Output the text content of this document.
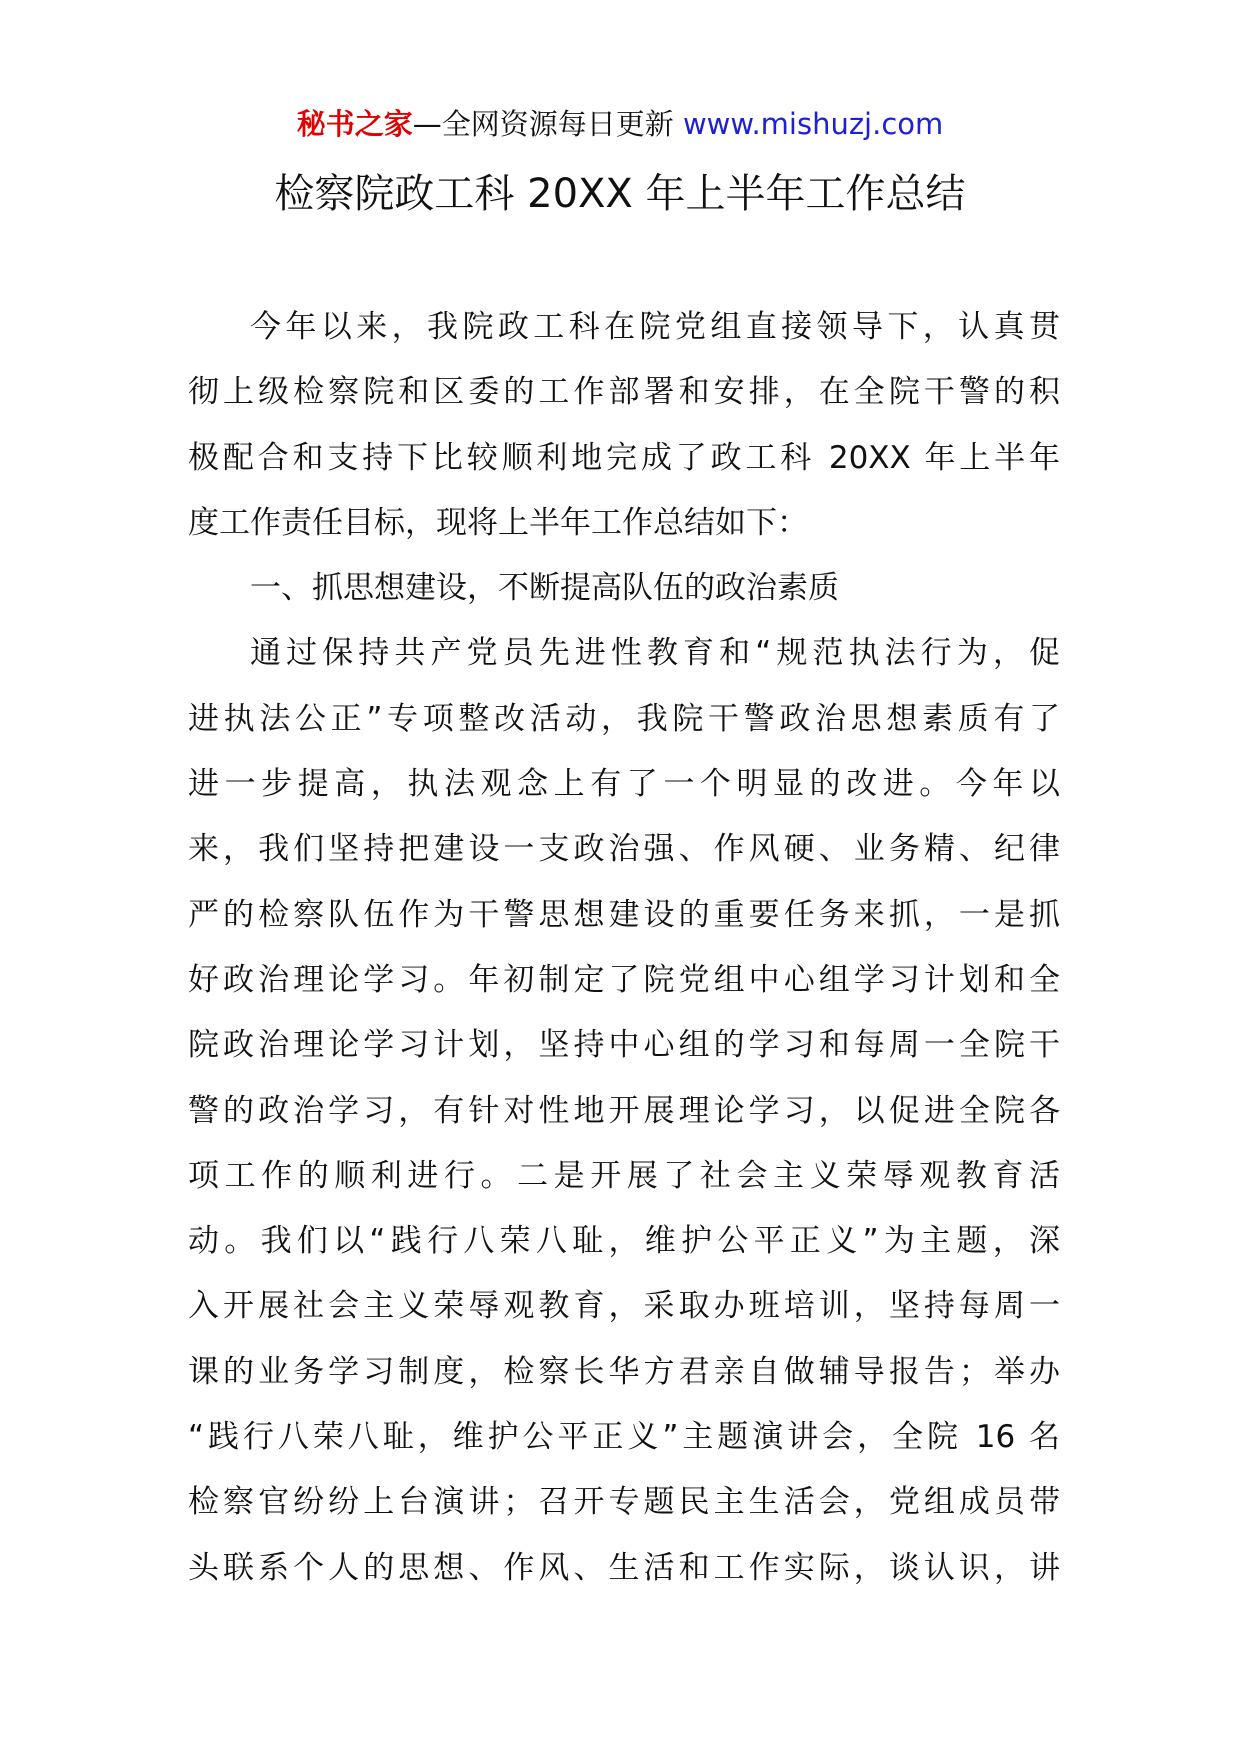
秘书之家—全网资源每日更新 www.mishuzj.com
检察院政工科 20XX 年上半年工作总结
今年以来，我院政工科在院党组直接领导下，认真贯
彻上级检察院和区委的工作部署和安排，在全院干警的积
极配合和支持下比较顺利地完成了政工科 20XX 年上半年
度工作责任目标，现将上半年工作总结如下：
一、抓思想建设，不断提高队伍的政治素质
通过保持共产党员先进性教育和“规范执法行为，促
进执法公正”专项整改活动，我院干警政治思想素质有了
进一步提高，执法观念上有了一个明显的改进。今年以
来，我们坚持把建设一支政治强、作风硬、业务精、纪律
严的检察队伍作为干警思想建设的重要任务来抓，一是抓
好政治理论学习。年初制定了院党组中心组学习计划和全
院政治理论学习计划，坚持中心组的学习和每周一全院干
警的政治学习，有针对性地开展理论学习，以促进全院各
项工作的顺利进行。二是开展了社会主义荣辱观教育活
动。我们以“践行八荣八耻，维护公平正义”为主题，深
入开展社会主义荣辱观教育，采取办班培训，坚持每周一
课的业务学习制度，检察长华方君亲自做辅导报告；举办
“践行八荣八耻，维护公平正义”主题演讲会，全院 16 名
检察官纷纷上台演讲；召开专题民主生活会，党组成员带
头联系个人的思想、作风、生活和工作实际，谈认识，讲
